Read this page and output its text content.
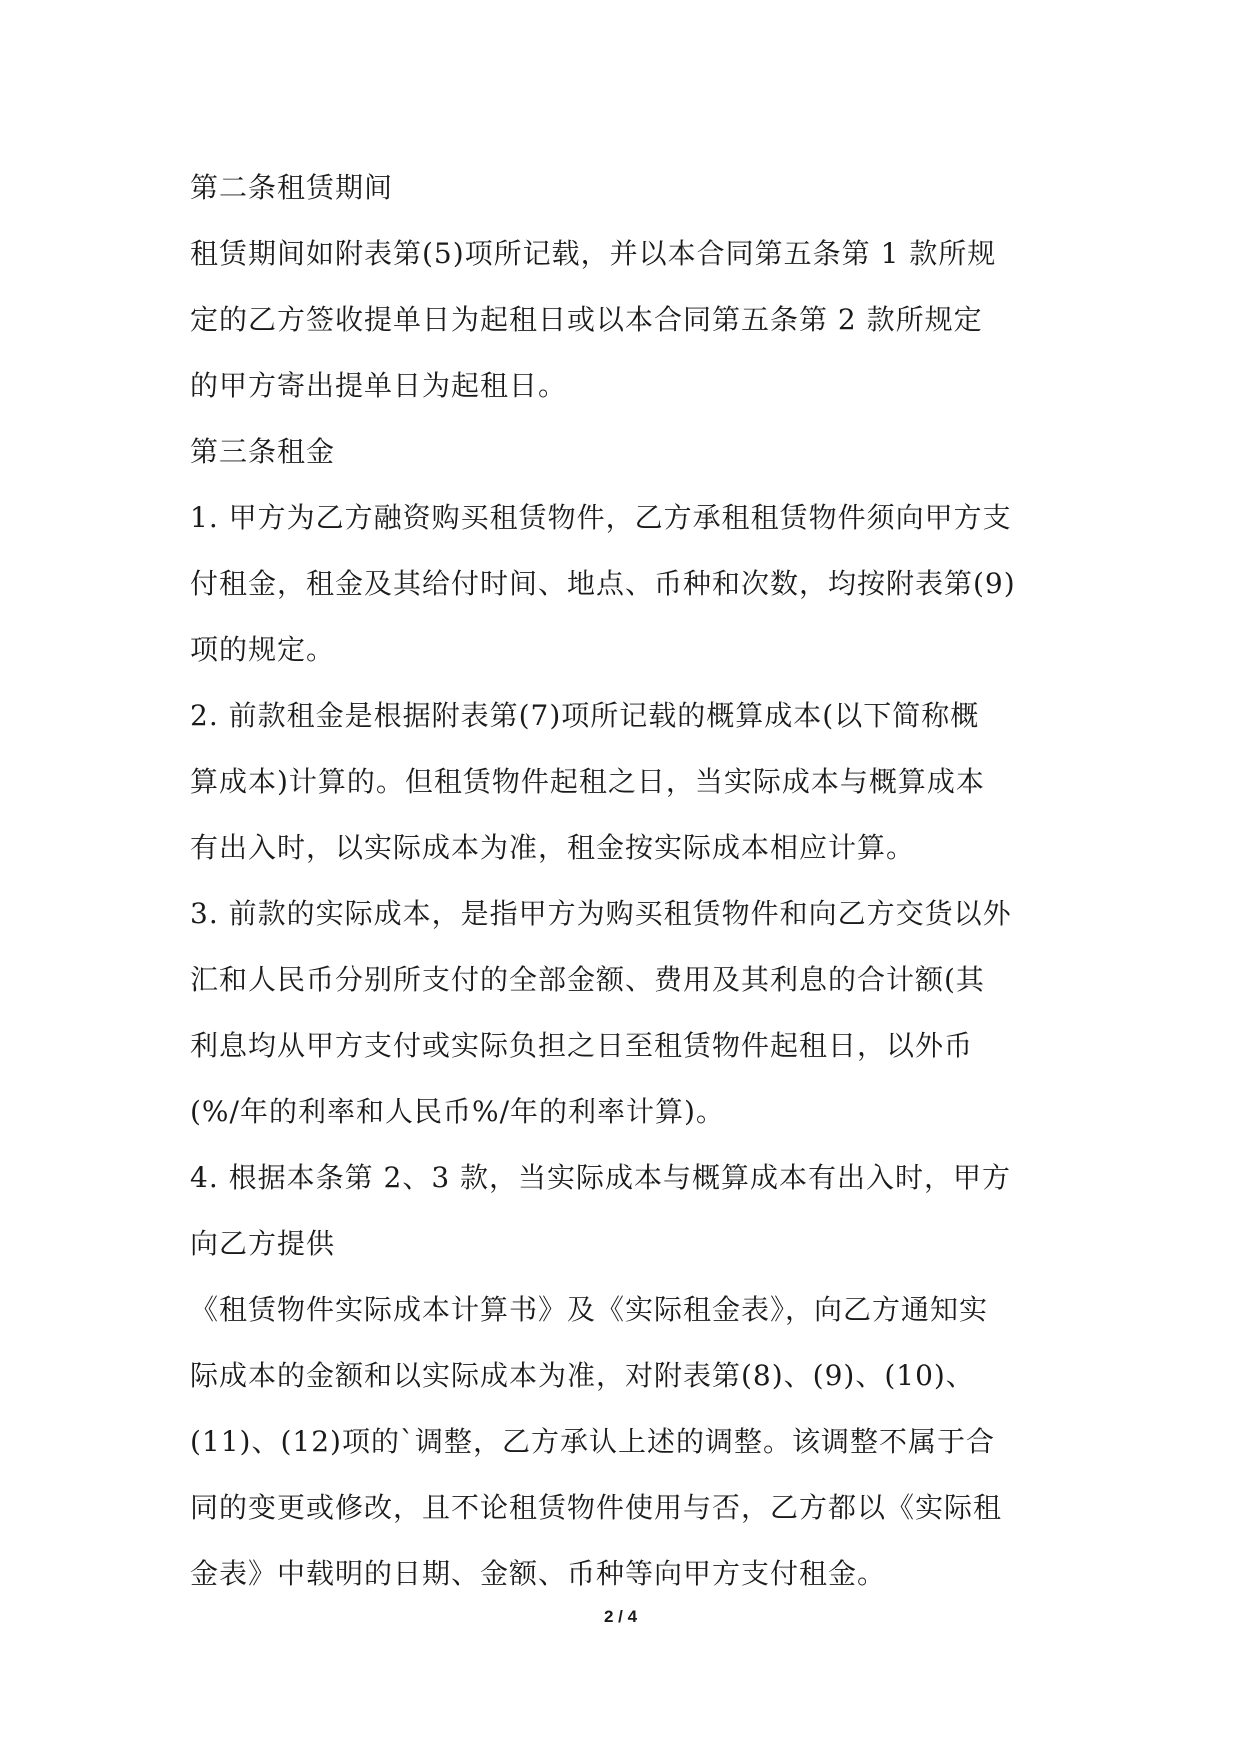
第二条租赁期间
租赁期间如附表第(5)项所记载，并以本合同第五条第 1 款所规
定的乙方签收提单日为起租日或以本合同第五条第 2 款所规定
的甲方寄出提单日为起租日。
第三条租金
1. 甲方为乙方融资购买租赁物件，乙方承租租赁物件须向甲方支
付租金，租金及其给付时间、地点、币种和次数，均按附表第(9)
项的规定。
2. 前款租金是根据附表第(7)项所记载的概算成本(以下简称概
算成本)计算的。但租赁物件起租之日，当实际成本与概算成本
有出入时，以实际成本为准，租金按实际成本相应计算。
3. 前款的实际成本，是指甲方为购买租赁物件和向乙方交货以外
汇和人民币分别所支付的全部金额、费用及其利息的合计额(其
利息均从甲方支付或实际负担之日至租赁物件起租日，以外币
(%/年的利率和人民币%/年的利率计算)。
4. 根据本条第 2、3 款，当实际成本与概算成本有出入时，甲方
向乙方提供
《租赁物件实际成本计算书》及《实际租金表》，向乙方通知实
际成本的金额和以实际成本为准，对附表第(8)、(9)、(10)、
(11)、(12)项的`调整，乙方承认上述的调整。该调整不属于合
同的变更或修改，且不论租赁物件使用与否，乙方都以《实际租
金表》中载明的日期、金额、币种等向甲方支付租金。
2 / 4
